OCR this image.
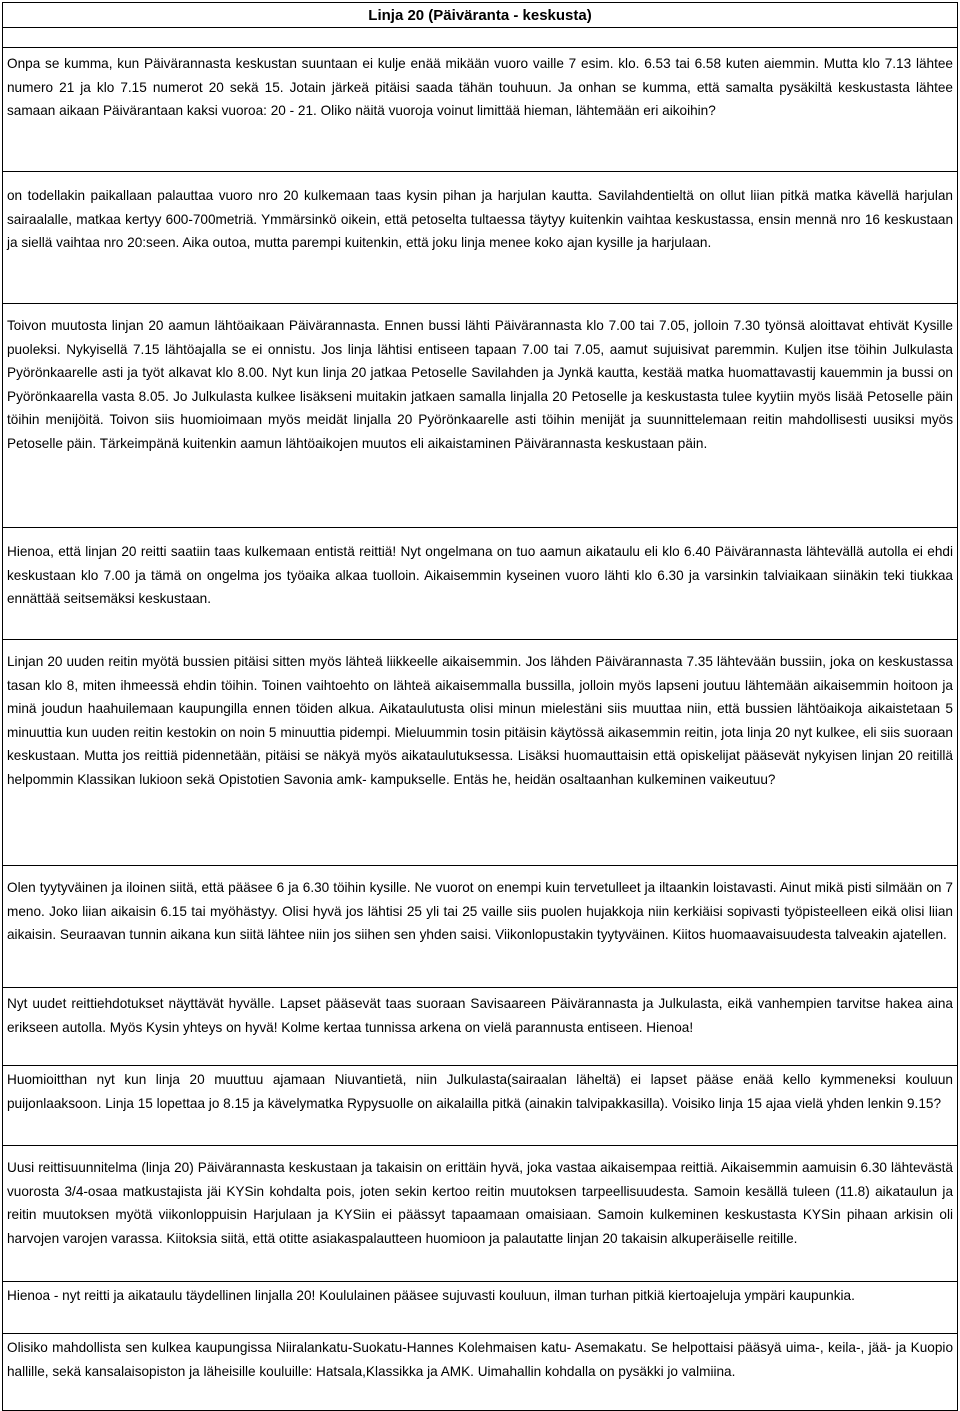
Linja 20 (Päiväranta - keskusta)
Onpa se kumma, kun Päivärannasta keskustan suuntaan ei kulje enää mikään vuoro vaille 7 esim. klo. 6.53 tai 6.58 kuten aiemmin. Mutta klo 7.13 lähtee numero 21 ja klo 7.15 numerot 20 sekä 15. Jotain järkeä pitäisi saada tähän touhuun. Ja onhan se kumma, että samalta pysäkiltä keskustasta lähtee samaan aikaan Päivärantaan kaksi vuoroa: 20 - 21. Oliko näitä vuoroja voinut limittää hieman, lähtemään eri aikoihin?
on todellakin paikallaan palauttaa vuoro nro 20 kulkemaan taas kysin pihan ja harjulan kautta. Savilahdentieltä on ollut liian pitkä matka kävellä harjulan sairaalalle, matkaa kertyy 600-700metriä. Ymmärsinkö oikein, että petoselta tultaessa täytyy kuitenkin vaihtaa keskustassa, ensin mennä nro 16 keskustaan ja siellä vaihtaa nro 20:seen. Aika outoa, mutta parempi kuitenkin, että joku linja menee koko ajan kysille ja harjulaan.
Toivon muutosta linjan 20 aamun lähtöaikaan Päivärannasta. Ennen bussi lähti Päivärannasta klo 7.00 tai 7.05, jolloin 7.30 työnsä aloittavat ehtivät Kysille puoleksi. Nykyisellä 7.15 lähtöajalla se ei onnistu. Jos linja lähtisi entiseen tapaan 7.00 tai 7.05, aamut sujuisivat paremmin. Kuljen itse töihin Julkulasta Pyörönkaarelle asti ja työt alkavat klo 8.00. Nyt kun linja 20 jatkaa Petoselle Savilahden ja Jynkä kautta, kestää matka huomattavastij kauemmin ja bussi on Pyörönkaarella vasta 8.05. Jo Julkulasta kulkee lisäkseni muitakin jatkaen samalla linjalla 20 Petoselle ja keskustasta tulee kyytiin myös lisää Petoselle päin töihin menijöitä. Toivon siis huomioimaan myös meidät linjalla 20 Pyörönkaarelle asti töihin menijät ja suunnittelemaan reitin mahdollisesti uusiksi myös Petoselle päin. Tärkeimpänä kuitenkin aamun lähtöaikojen muutos eli aikaistaminen Päivärannasta keskustaan päin.
Hienoa, että linjan 20 reitti saatiin taas kulkemaan entistä reittiä! Nyt ongelmana on tuo aamun aikataulu eli klo 6.40 Päivärannasta lähtevällä autolla ei ehdi keskustaan klo 7.00 ja tämä on ongelma jos työaika alkaa tuolloin. Aikaisemmin kyseinen vuoro lähti klo 6.30 ja varsinkin talviaikaan siinäkin teki tiukkaa ennättää seitsemäksi keskustaan.
Linjan 20 uuden reitin myötä bussien pitäisi sitten myös lähteä liikkeelle aikaisemmin. Jos lähden Päivärannasta 7.35 lähtevään bussiin, joka on keskustassa tasan klo 8, miten ihmeessä ehdin töihin. Toinen vaihtoehto on lähteä aikaisemmalla bussilla, jolloin myös lapseni joutuu lähtemään aikaisemmin hoitoon ja minä joudun haahuilemaan kaupungilla ennen töiden alkua. Aikataulutusta olisi minun mielestäni siis muuttaa niin, että bussien lähtöaikoja aikaistetaan 5 minuuttia kun uuden reitin kestokin on noin 5 minuuttia pidempi. Mieluummin tosin pitäisin käytössä aikasemmin reitin, jota linja 20 nyt kulkee, eli siis suoraan keskustaan. Mutta jos reittiä pidennetään, pitäisi se näkyä myös aikataulutuksessa. Lisäksi huomauttaisin että opiskelijat pääsevät nykyisen linjan 20 reitillä helpommin Klassikan lukioon sekä Opistotien Savonia amk- kampukselle. Entäs he, heidän osaltaanhan kulkeminen vaikeutuu?
Olen tyytyväinen ja iloinen siitä, että pääsee 6 ja 6.30 töihin kysille. Ne vuorot on enempi kuin tervetulleet ja iltaankin loistavasti. Ainut mikä pisti silmään on 7 meno. Joko liian aikaisin 6.15 tai myöhästyy. Olisi hyvä jos lähtisi 25 yli tai 25 vaille siis puolen hujakkoja niin kerkiäisi sopivasti työpisteelleen eikä olisi liian aikaisin. Seuraavan tunnin aikana kun siitä lähtee niin jos siihen sen yhden saisi. Viikonlopustakin tyytyväinen. Kiitos huomaavaisuudesta talveakin ajatellen.
Nyt uudet reittiehdotukset näyttävät hyvälle. Lapset pääsevät taas suoraan Savisaareen Päivärannasta ja Julkulasta, eikä vanhempien tarvitse hakea aina erikseen autolla. Myös Kysin yhteys on hyvä! Kolme kertaa tunnissa arkena on vielä parannusta entiseen. Hienoa!
Huomioitthan nyt kun linja 20 muuttuu ajamaan Niuvantietä, niin Julkulasta(sairaalan läheltä) ei lapset pääse enää kello kymmeneksi kouluun puijonlaaksoon. Linja 15 lopettaa jo 8.15 ja kävelymatka Rypysuolle on aikalailla pitkä (ainakin talvipakkasilla). Voisiko linja 15 ajaa vielä yhden lenkin 9.15?
Uusi reittisuunnitelma (linja 20) Päivärannasta keskustaan ja takaisin on erittäin hyvä, joka vastaa aikaisempaa reittiä. Aikaisemmin aamuisin 6.30 lähtevästä vuorosta 3/4-osaa matkustajista jäi KYSin kohdalta pois, joten sekin kertoo reitin muutoksen tarpeellisuudesta. Samoin kesällä tuleen (11.8) aikataulun ja reitin muutoksen myötä viikonloppuisin Harjulaan ja KYSiin ei päässyt tapaamaan omaisiaan. Samoin kulkeminen keskustasta KYSin pihaan arkisin oli harvojen varojen varassa. Kiitoksia siitä, että otitte asiakaspalautteen huomioon ja palautatte linjan 20 takaisin alkuperäiselle reitille.
Hienoa - nyt reitti ja aikataulu täydellinen linjalla 20! Koululainen pääsee sujuvasti kouluun, ilman turhan pitkiä kiertoajeluja ympäri kaupunkia.
Olisiko mahdollista sen kulkea kaupungissa Niiralankatu-Suokatu-Hannes Kolehmaisen katu- Asemakatu. Se helpottaisi pääsyä uima-, keila-, jää- ja Kuopio hallille, sekä kansalaisopiston ja läheisille kouluille: Hatsala,Klassikka ja AMK. Uimahallin kohdalla on pysäkki jo valmiina.
